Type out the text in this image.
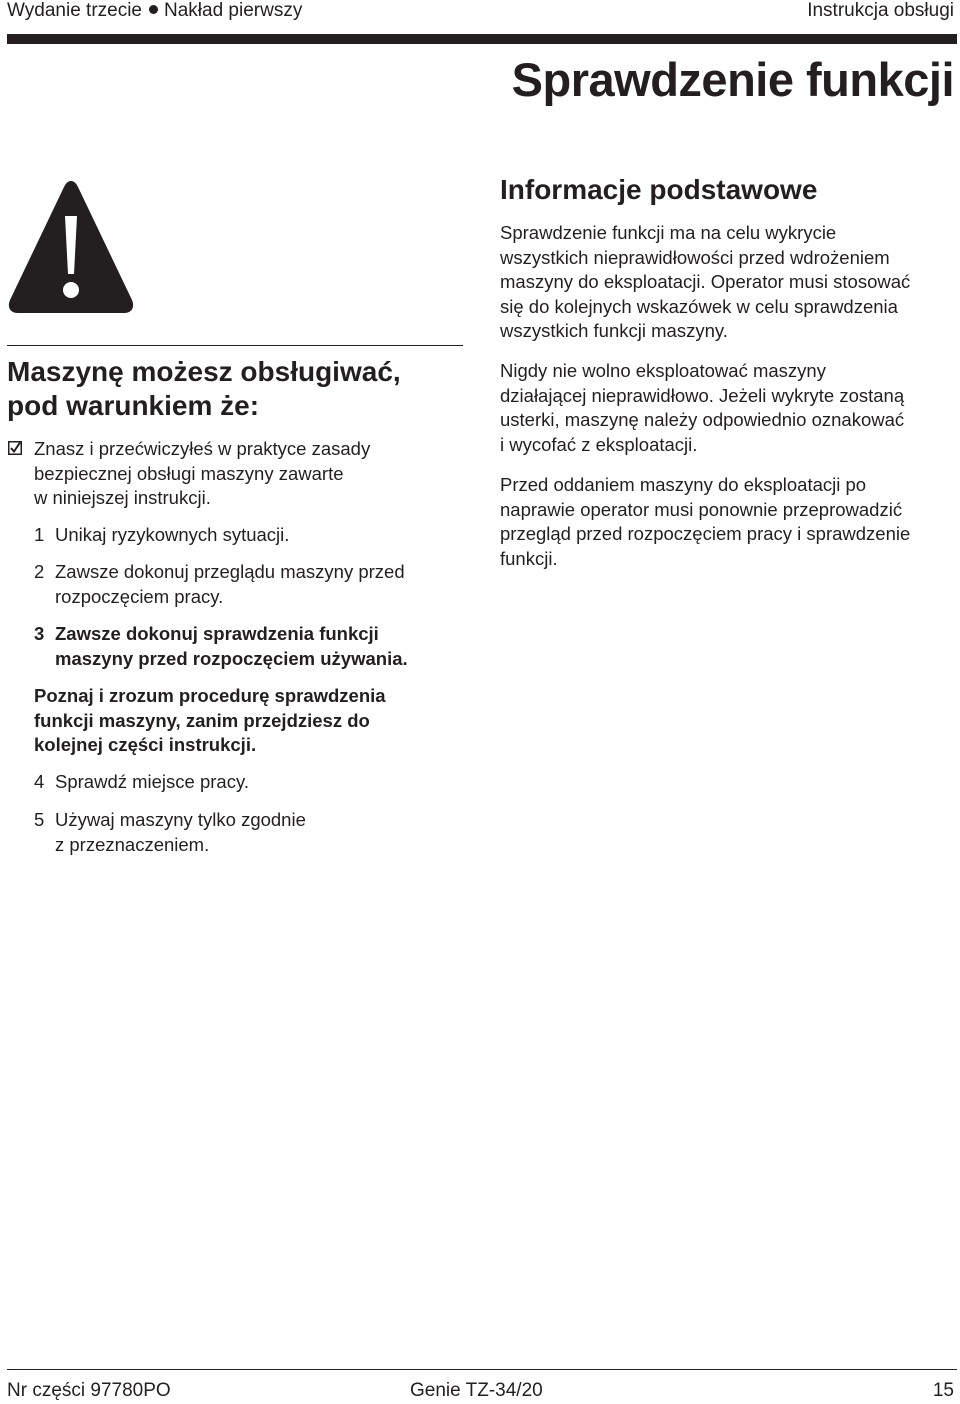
Wydanie trzecie Nakład pierwszy	Instrukcja obsługi
Sprawdzenie funkcji
Maszynę możesz obsługiwać,
pod warunkiem że:
Znasz i przećwiczyłeś w praktyce zasady
bezpiecznej obsługi maszyny zawarte
w niniejszej instrukcji.
1 Unikaj ryzykownych sytuacji.
2 Zawsze dokonuj przeglądu maszyny przed
rozpoczęciem pracy.
3 Zawsze dokonuj sprawdzenia funkcji
maszyny przed rozpoczęciem używania.
Poznaj i zrozum procedurę sprawdzenia
funkcji maszyny, zanim przejdziesz do
kolejnej części instrukcji.
4 Sprawdź miejsce pracy.
5 Używaj maszyny tylko zgodnie
z przeznaczeniem.
Informacje podstawowe
Sprawdzenie funkcji ma na celu wykrycie
wszystkich nieprawidłowości przed wdrożeniem
maszyny do eksploatacji. Operator musi stosować
się do kolejnych wskazówek w celu sprawdzenia
wszystkich funkcji maszyny.
Nigdy nie wolno eksploatować maszyny
działającej nieprawidłowo. Jeżeli wykryte zostaną
usterki, maszynę należy odpowiednio oznakować
i wycofać z eksploatacji.
Przed oddaniem maszyny do eksploatacji po
naprawie operator musi ponownie przeprowadzić
przegląd przed rozpoczęciem pracy i sprawdzenie
funkcji.
Nr części 97780PO	Genie TZ-34/20	15
